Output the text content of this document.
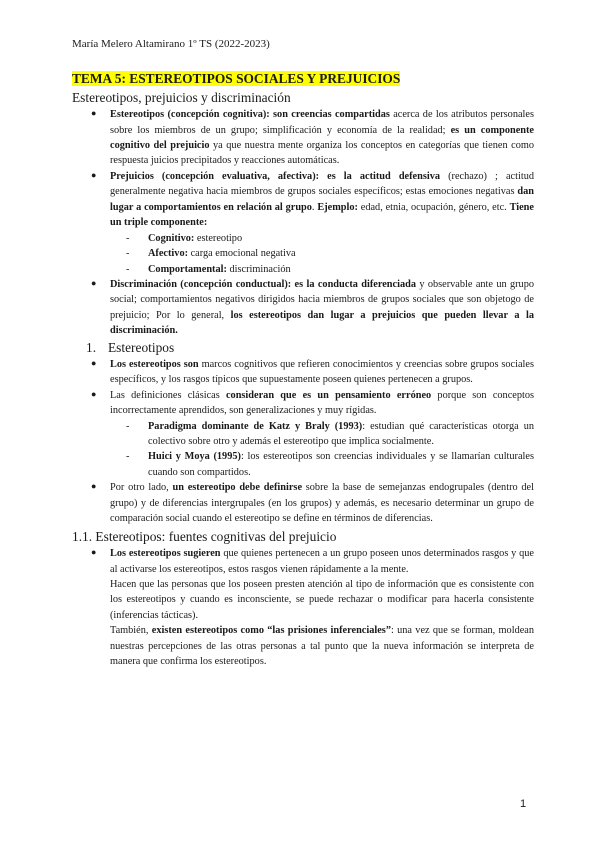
María Melero Altamirano 1º TS (2022-2023)
TEMA 5: ESTEREOTIPOS SOCIALES Y PREJUICIOS
Estereotipos, prejuicios y discriminación
● Estereotipos (concepción cognitiva): son creencias compartidas acerca de los atributos personales sobre los miembros de un grupo; simplificación y economía de la realidad; es un componente cognitivo del prejuicio ya que nuestra mente organiza los conceptos en categorías que tienen como respuesta juicios precipitados y reacciones automáticas.
● Prejuicios (concepción evaluativa, afectiva): es la actitud defensiva (rechazo) ; actitud generalmente negativa hacia miembros de grupos sociales específicos; estas emociones negativas dan lugar a comportamientos en relación al grupo. Ejemplo: edad, etnia, ocupación, género, etc. Tiene un triple componente:
- Cognitivo: estereotipo
- Afectivo: carga emocional negativa
- Comportamental: discriminación
● Discriminación (concepción conductual): es la conducta diferenciada y observable ante un grupo social; comportamientos negativos dirigidos hacia miembros de grupos sociales que son objetogo de prejuicio; Por lo general, los estereotipos dan lugar a prejuicios que pueden llevar a la discriminación.
1. Estereotipos
● Los estereotipos son marcos cognitivos que refieren conocimientos y creencias sobre grupos sociales específicos, y los rasgos típicos que supuestamente poseen quienes pertenecen a grupos.
● Las definiciones clásicas consideran que es un pensamiento erróneo porque son conceptos incorrectamente aprendidos, son generalizaciones y muy rígidas.
- Paradigma dominante de Katz y Braly (1993): estudian qué características otorga un colectivo sobre otro y además el estereotipo que implica socialmente.
- Huici y Moya (1995): los estereotipos son creencias individuales y se llamarían culturales cuando son compartidos.
● Por otro lado, un estereotipo debe definirse sobre la base de semejanzas endogrupales (dentro del grupo) y de diferencias intergrupales (en los grupos) y además, es necesario determinar un grupo de comparación social cuando el estereotipo se define en términos de diferencias.
1.1. Estereotipos: fuentes cognitivas del prejuicio
● Los estereotipos sugieren que quienes pertenecen a un grupo poseen unos determinados rasgos y que al activarse los estereotipos, estos rasgos vienen rápidamente a la mente.

Hacen que las personas que los poseen presten atención al tipo de información que es consistente con los estereotipos y cuando es inconsciente, se puede rechazar o modificar para hacerla consistente (inferencias tácticas).

También, existen estereotipos como “las prisiones inferenciales”: una vez que se forman, moldean nuestras percepciones de las otras personas a tal punto que la nueva información se interpreta de manera que confirma los estereotipos.

1
